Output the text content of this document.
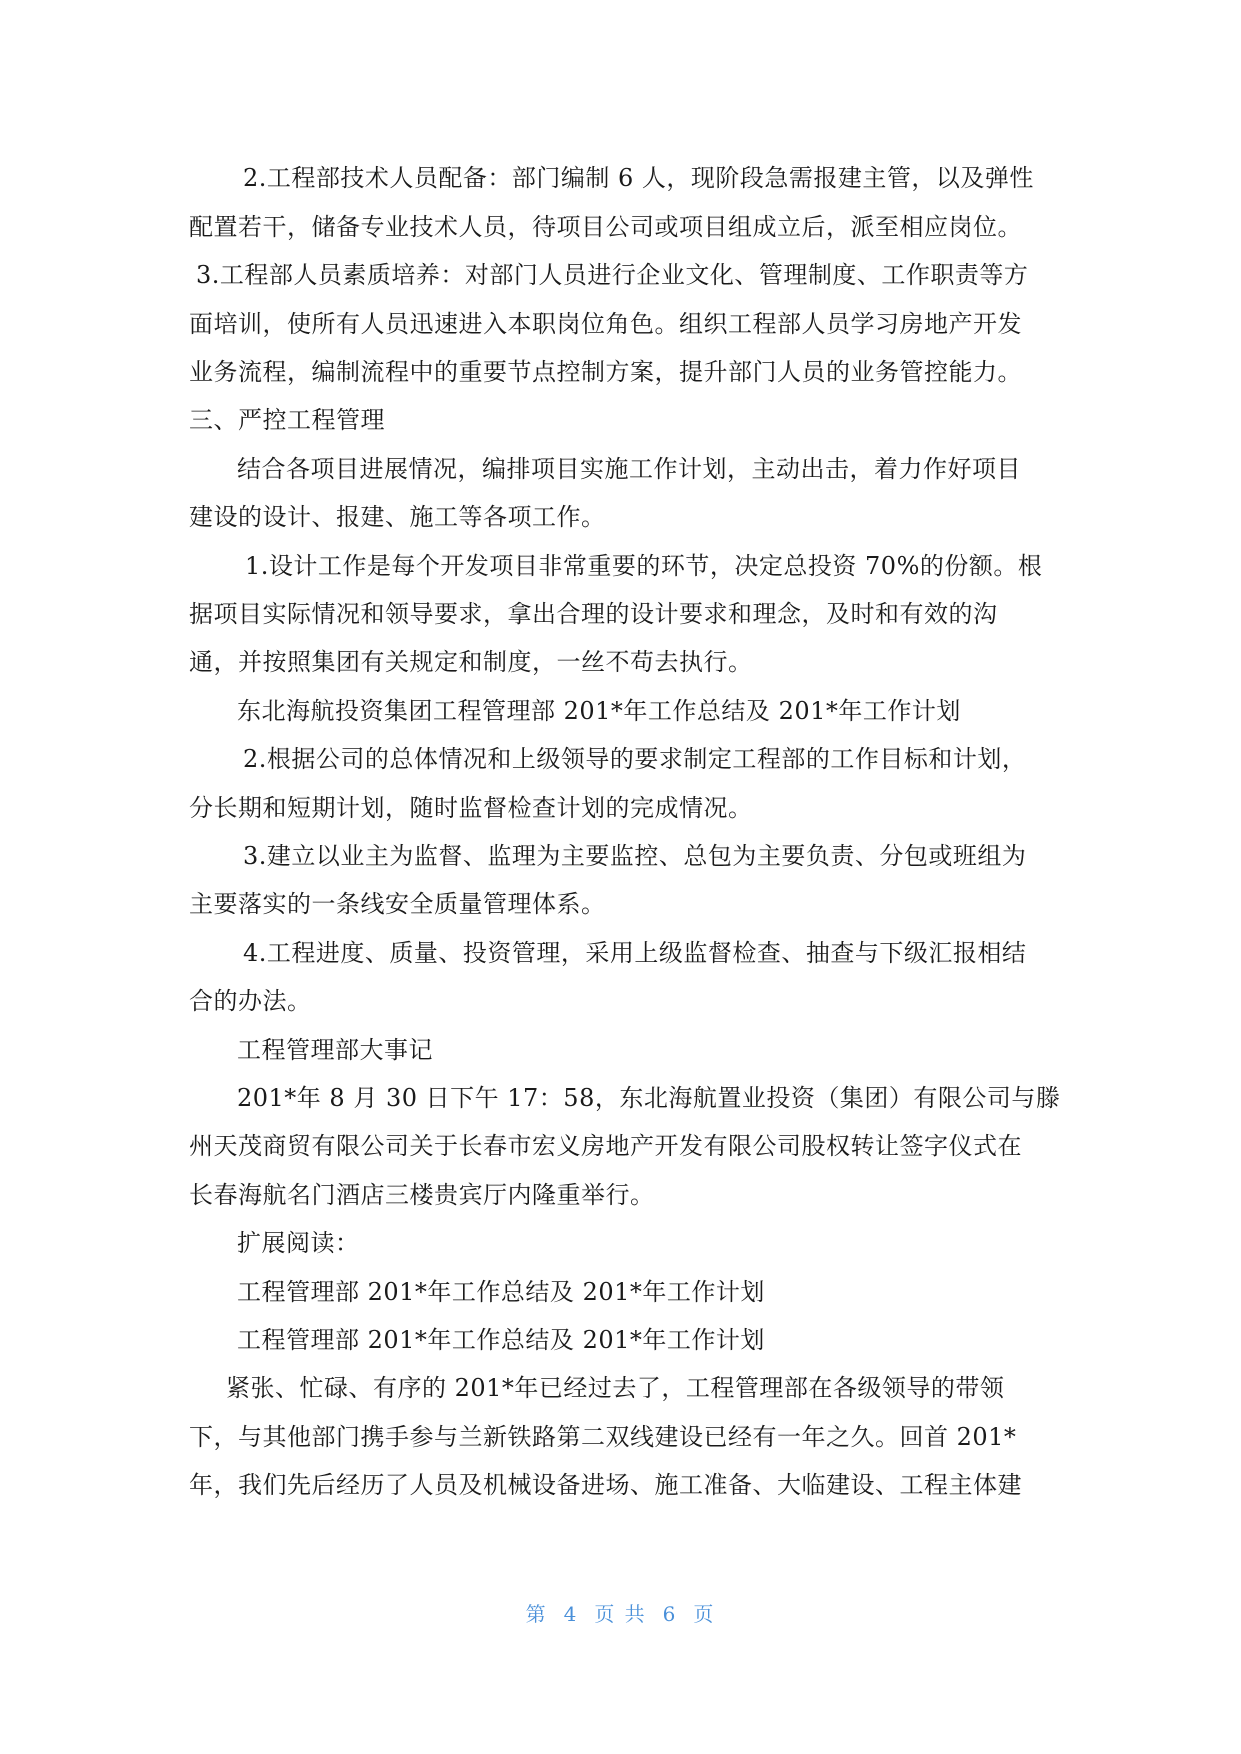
2.工程部技术人员配备：部门编制 6 人，现阶段急需报建主管，以及弹性
配置若干，储备专业技术人员，待项目公司或项目组成立后，派至相应岗位。
3.工程部人员素质培养：对部门人员进行企业文化、管理制度、工作职责等方
面培训，使所有人员迅速进入本职岗位角色。组织工程部人员学习房地产开发
业务流程，编制流程中的重要节点控制方案，提升部门人员的业务管控能力。
三、严控工程管理
结合各项目进展情况，编排项目实施工作计划，主动出击，着力作好项目
建设的设计、报建、施工等各项工作。
1.设计工作是每个开发项目非常重要的环节，决定总投资 70%的份额。根
据项目实际情况和领导要求，拿出合理的设计要求和理念，及时和有效的沟
通，并按照集团有关规定和制度，一丝不苟去执行。
东北海航投资集团工程管理部 201*年工作总结及 201*年工作计划
2.根据公司的总体情况和上级领导的要求制定工程部的工作目标和计划，
分长期和短期计划，随时监督检查计划的完成情况。
3.建立以业主为监督、监理为主要监控、总包为主要负责、分包或班组为
主要落实的一条线安全质量管理体系。
4.工程进度、质量、投资管理，采用上级监督检查、抽查与下级汇报相结
合的办法。
工程管理部大事记
201*年 8 月 30 日下午 17：58，东北海航置业投资（集团）有限公司与滕
州天茂商贸有限公司关于长春市宏义房地产开发有限公司股权转让签字仪式在
长春海航名门酒店三楼贵宾厅内隆重举行。
扩展阅读：
工程管理部 201*年工作总结及 201*年工作计划
工程管理部 201*年工作总结及 201*年工作计划
紧张、忙碌、有序的 201*年已经过去了，工程管理部在各级领导的带领
下，与其他部门携手参与兰新铁路第二双线建设已经有一年之久。回首 201*
年，我们先后经历了人员及机械设备进场、施工准备、大临建设、工程主体建
第 4 页 共 6 页
